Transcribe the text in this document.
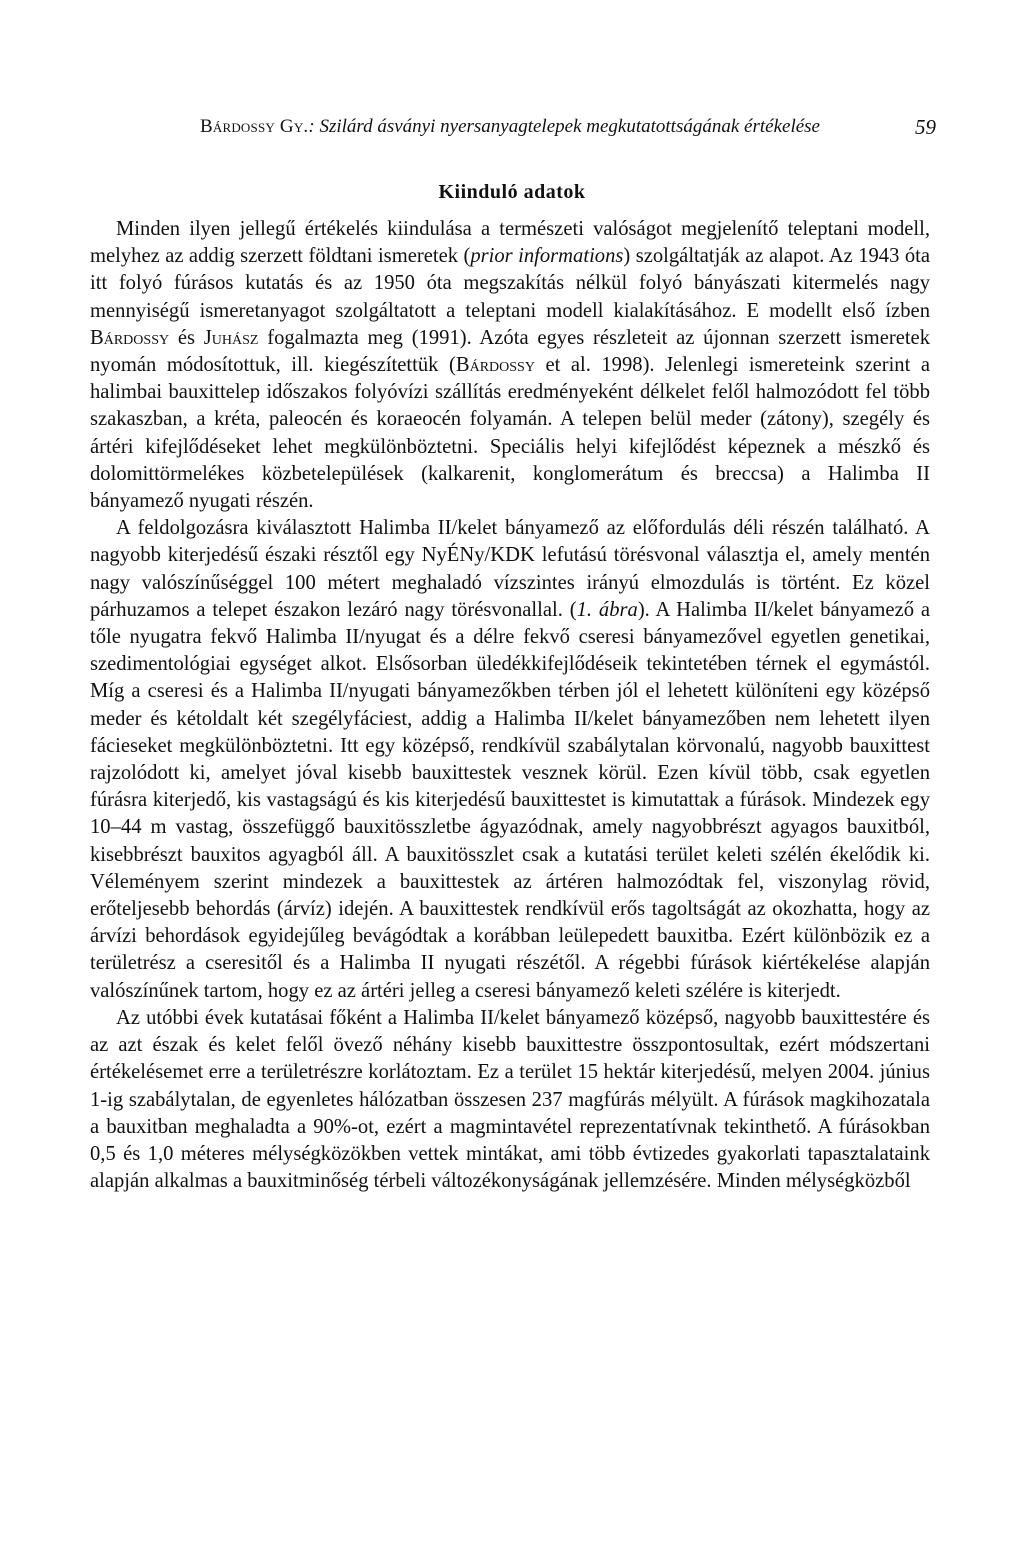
Bárdossy Gy.: Szilárd ásványi nyersanyagtelepek megkutatottságának értékelése	59
Kiinduló adatok

Minden ilyen jellegű értékelés kiindulása a természeti valóságot megjelenítő teleptani modell, melyhez az addig szerzett földtani ismeretek (prior informations) szolgáltatják az alapot. Az 1943 óta itt folyó fúrásos kutatás és az 1950 óta megszakítás nélkül folyó bányászati kitermelés nagy mennyiségű ismeretanyagot szolgáltatott a teleptani modell kialakításához. E modellt első ízben Bárdossy és Juhász fogalmazta meg (1991). Azóta egyes részleteit az újonnan szerzett ismeretek nyomán módosítottuk, ill. kiegészítettük (Bárdossy et al. 1998). Jelenlegi ismereteink szerint a halimbai bauxittelep időszakos folyóvízi szállítás eredményeként délkelet felől halmozódott fel több szakaszban, a kréta, paleocén és koraeocén folyamán. A telepen belül meder (zátony), szegély és ártéri kifejlődéseket lehet megkülönböztetni. Speciális helyi kifejlődést képeznek a mészkő és dolomittörmelékes közbetelepülések (kalkarenit, konglomerátum és breccsa) a Halimba II bányamező nyugati részén.

A feldolgozásra kiválasztott Halimba II/kelet bányamező az előfordulás déli részén található. A nagyobb kiterjedésű északi résztől egy NyÉNy/KDK lefutású törésvonal választja el, amely mentén nagy valószínűséggel 100 métert meghaladó vízszintes irányú elmozdulás is történt. Ez közel párhuzamos a telepet északon lezáró nagy törésvonallal. (1. ábra). A Halimba II/kelet bányamező a tőle nyugatra fekvő Halimba II/nyugat és a délre fekvő cseresi bányamezővel egyetlen genetikai, szedimentológiai egységet alkot. Elsősorban üledékkifejlődéseik tekintetében térnek el egymástól. Míg a cseresi és a Halimba II/nyugati bányamezőkben térben jól el lehetett különíteni egy középső meder és kétoldalt két szegélyfáciest, addig a Halimba II/kelet bányamezőben nem lehetett ilyen fácieseket megkülönböztetni. Itt egy középső, rendkívül szabálytalan körvonalú, nagyobb bauxittest rajzolódott ki, amelyet jóval kisebb bauxittestek vesznek körül. Ezen kívül több, csak egyetlen fúrásra kiterjedő, kis vastagságú és kis kiterjedésű bauxittestet is kimutattak a fúrások. Mindezek egy 10–44 m vastag, összefüggő bauxitösszletbe ágyazódnak, amely nagyobbrészt agyagos bauxitból, kisebbrészt bauxitos agyagból áll. A bauxitösszlet csak a kutatási terület keleti szélén ékelődik ki. Véleményem szerint mindezek a bauxittestek az ártéren halmozódtak fel, viszonylag rövid, erőteljesebb behordás (árvíz) idején. A bauxittestek rendkívül erős tagoltságát az okozhatta, hogy az árvízi behordások egyidejűleg bevágódtak a korábban leülepedett bauxitba. Ezért különbözik ez a területrész a cseresitől és a Halimba II nyugati részétől. A régebbi fúrások kiértékelése alapján valószínűnek tartom, hogy ez az ártéri jelleg a cseresi bányamező keleti szélére is kiterjedt.

Az utóbbi évek kutatásai főként a Halimba II/kelet bányamező középső, nagyobb bauxittestére és az azt észak és kelet felől övező néhány kisebb bauxittestre összpontosultak, ezért módszertani értékelésemet erre a területrészre korlátoztam. Ez a terület 15 hektár kiterjedésű, melyen 2004. június 1-ig szabálytalan, de egyenletes hálózatban összesen 237 magfúrás mélyült. A fúrások magkihozatala a bauxitban meghaladta a 90%-ot, ezért a magmintavétel reprezentatívnak tekinthető. A fúrásokban 0,5 és 1,0 méteres mélységközökben vettek mintákat, ami több évtizedes gyakorlati tapasztalataink alapján alkalmas a bauxitminőség térbeli változékonyságának jellemzésére. Minden mélységközből
